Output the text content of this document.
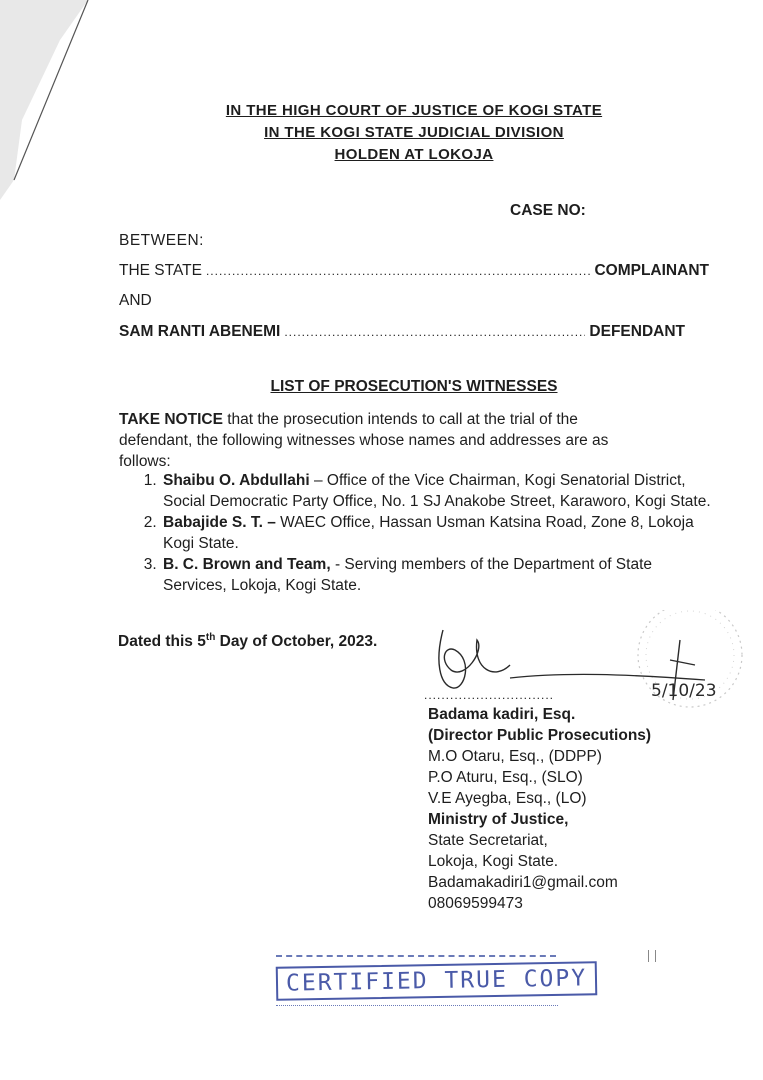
IN THE HIGH COURT OF JUSTICE OF KOGI STATE
IN THE KOGI STATE JUDICIAL DIVISION
HOLDEN AT LOKOJA
CASE NO:
BETWEEN:
THE STATE .....	COMPLAINANT
AND
SAM RANTI ABENEMI .....	DEFENDANT
LIST OF PROSECUTION'S WITNESSES
TAKE NOTICE that the prosecution intends to call at the trial of the defendant, the following witnesses whose names and addresses are as follows:
1. Shaibu O. Abdullahi – Office of the Vice Chairman, Kogi Senatorial District, Social Democratic Party Office, No. 1 SJ Anakobe Street, Karaworo, Kogi State.
2. Babajide S. T. – WAEC Office, Hassan Usman Katsina Road, Zone 8, Lokoja Kogi State.
3. B. C. Brown and Team, - Serving members of the Department of State Services, Lokoja, Kogi State.
Dated this 5th Day of October, 2023.
5/10/23
..............................
Badama kadiri, Esq.
(Director Public Prosecutions)
M.O Otaru, Esq., (DDPP)
P.O Aturu, Esq., (SLO)
V.E Ayegba, Esq., (LO)
Ministry of Justice,
State Secretariat,
Lokoja, Kogi State.
Badamakadiri1@gmail.com
08069599473
CERTIFIED TRUE COPY
